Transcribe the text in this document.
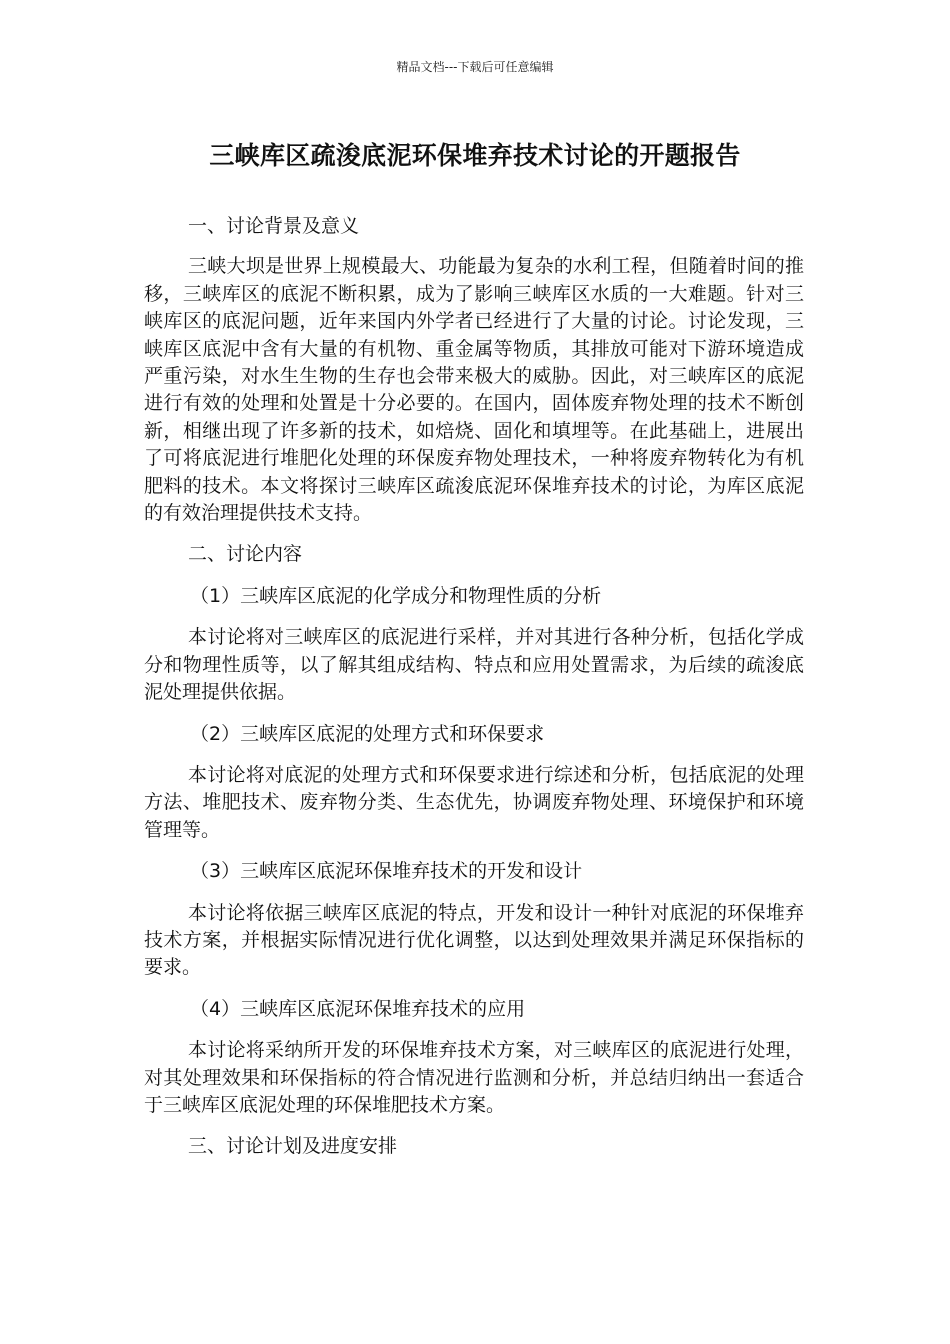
精品文档---下载后可任意编辑
三峡库区疏浚底泥环保堆弃技术讨论的开题报告

一、讨论背景及意义

三峡大坝是世界上规模最大、功能最为复杂的水利工程，但随着时间的推移，三峡库区的底泥不断积累，成为了影响三峡库区水质的一大难题。针对三峡库区的底泥问题，近年来国内外学者已经进行了大量的讨论。讨论发现，三峡库区底泥中含有大量的有机物、重金属等物质，其排放可能对下游环境造成严重污染，对水生生物的生存也会带来极大的威胁。因此，对三峡库区的底泥进行有效的处理和处置是十分必要的。在国内，固体废弃物处理的技术不断创新，相继出现了许多新的技术，如焙烧、固化和填埋等。在此基础上，进展出了可将底泥进行堆肥化处理的环保废弃物处理技术，一种将废弃物转化为有机肥料的技术。本文将探讨三峡库区疏浚底泥环保堆弃技术的讨论，为库区底泥的有效治理提供技术支持。

二、讨论内容

（1）三峡库区底泥的化学成分和物理性质的分析

本讨论将对三峡库区的底泥进行采样，并对其进行各种分析，包括化学成分和物理性质等，以了解其组成结构、特点和应用处置需求，为后续的疏浚底泥处理提供依据。

（2）三峡库区底泥的处理方式和环保要求

本讨论将对底泥的处理方式和环保要求进行综述和分析，包括底泥的处理方法、堆肥技术、废弃物分类、生态优先，协调废弃物处理、环境保护和环境管理等。

（3）三峡库区底泥环保堆弃技术的开发和设计

本讨论将依据三峡库区底泥的特点，开发和设计一种针对底泥的环保堆弃技术方案，并根据实际情况进行优化调整，以达到处理效果并满足环保指标的要求。

（4）三峡库区底泥环保堆弃技术的应用

本讨论将采纳所开发的环保堆弃技术方案，对三峡库区的底泥进行处理，对其处理效果和环保指标的符合情况进行监测和分析，并总结归纳出一套适合于三峡库区底泥处理的环保堆肥技术方案。

三、讨论计划及进度安排
